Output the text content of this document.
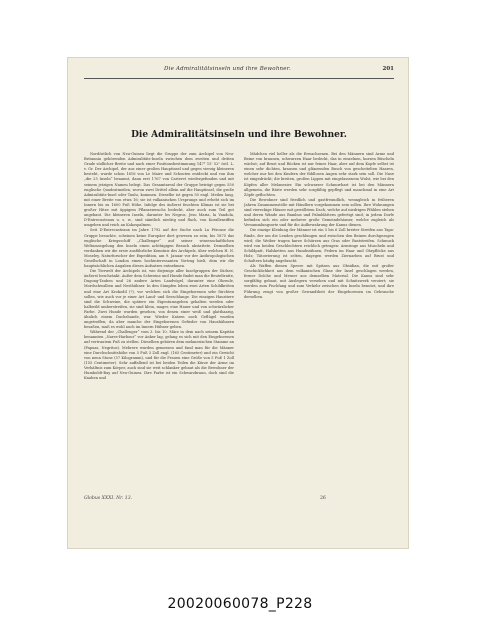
Die Admiralitätsinseln und ihre Bewohner.	201
Die Admiralitätsinseln und ihre Bewohner.

Nordöstlich von Neu-Guinea liegt die Gruppe der zum Archipel von Neu-Britannia gehörenden Admiralitäts-Inseln zwischen dem zweiten und dritten Grade südlicher Breite und nach einer Positionsbestimmung 147° 15' 52" östl. L. v. Gr. Der Archipel, der aus einer großen Hauptinsel und gegen vierzig kleineren besteht, wurde schon 1616 von Le Maire und Schouten entdeckt und von ihm „die 25 Inseln“ benannt, dann erst 1767 von Carteret wiedergefunden und mit seinem jetzigen Namen belegt. Das Gesamtareal der Gruppe beträgt gegen 550 englische Quadratmeilen, wovon zwei Drittel allein auf die Hauptinsel, die große Admiralitäts-Insel oder Taulu, kommen. Dieselbe ist gegen 50 engl. Meilen lang, mit einer Breite von etwa 16; sie ist vulkanischen Ursprungs und erhebt sich im Innern bis zu 1600 Fuß Höhe. Infolge des äußerst feuchten Klimas ist sie bei großer Hitze mit üppigem Pflanzenwuchs bedeckt, aber auch zum Teil gut angebaut. Die kleineren Inseln, darunter les Negros, Jesu Maria, la Vandola, D'Entrecasteaux u. s. w., sind sämtlich niedrig und flach, von Korallenriffen umgeben und reich an Kokospalmen.

Seit D'Entrecasteaux im Jahre 1792 auf der Suche nach La Pérouse die Gruppe besuchte, scheinen keine Europäer dort gewesen zu sein, bis 1875 das englische Kriegsschiff „Challenger“ auf seiner wissenschaftlichen Weltumsegelung den Inseln einen achttägigen Besuch abstattete. Demselben verdanken wir die erste ausführliche Kenntnis des Archipels, über welchen H. N. Moseley, Naturforscher der Expedition, am 9. Januar vor der Anthropologischen Gesellschaft in London einen hochinteressanten Vortrag hielt, dem wir die hauptsächlichen Angaben dieses Aufsatzes entnehmen.

Die Tierwelt der Archipels ist, wie diejenige aller Inselgruppen der Südsee, äußerst beschränkt. Außer dem Schweine und Hunde findet man die Beuteltratte, Dugong-Tauben und 26 andere Arten Landvögel, darunter eine Ohreule, Mordschwalben und Nesthühner. In den Sümpfen leben zwei Arten Schildkröten und eine Art Krokodil (?), vor welchen sich die Eingeborenen sehr fürchten sollen, wie auch vor je einer Art Land- und Seeschlange. Die einzigen Haustiere sind die Schweine, die spätere ein Eigentumsgeben gehalten werden oder halbwild umherstreifen, sie sind klein, mager, eine Hauer und von schwärzlicher Farbe. Zwei Hunde wurden gesehen, von denen einer weiß und glatthaarig, ähnlich einem Dachshunde, war. Wieder Katzen noch Geflügel wurden angetroffen; da aber manche der Eingeborenen Gefieder von Haushühnern besaßen, muß es wohl auch im Innern Hühner geben.

Während der „Challenger“ vom 3. bis 10. März in dem nach seinem Kapitän benannten „Nares-Harbour“ vor Anker lag, gelang es sich mit den Eingeborenen auf vertrautem Fuß zu stellen. Dieselben gehören dem melanesischen Stamme an (Papuas, Negritos). Mehrere wurden gemessen und fand man für die Männer eine Durchschnittshöhe von 5 Fuß 3 Zoll engl. (165 Centimeter) und ein Gewicht von neun Stone (57 Kilogramm), und für die Frauen eine Größe von 5 Fuß 1 Zoll (155 Centimeter). Sehr auffallend ist bei beiden Teilen die Kürze der Arme im Verhältnis zum Körper, auch sind sie weit schlanker gebaut als die Bewohner der Humboldt-Bay auf Neu-Guinea. Ihre Farbe ist ein Schwarzbraun, doch sind die Knaben und

Mädchen viel heller als die Erwachsenen. Bei den Männern sind Arme und Beine von braunen, schwarzen Haar bedeckt, das in einzelnen, kurzen Büscheln wächst; auf Brust und Rücken ist nur feines Haar, aber auf dem Kopfe selbst ist einen sehr dichten, krausen und glänzenden Busch von gescheitelten Haaren, welcher nur bei den Kindern der fühllosen Augen sehr stark sein soll. Die Nase ist eingedrückt; die breiten, großen Lippen mit eingelassenem Wulst, wie bei den Köpfen aller Melanesier. Ein schwarzer Schnurrbart ist bei den Männern allgemein, die Bärte werden sehr sorgfältig gepflegt und manchmal in eine Art Zöpfe geflochten.

Die Bewohner sind friedlich und gastfreundlich, wenngleich in früheren Jahren Zusammenstöße mit Händlern vorgekommen sein sollen. Ihre Wohnungen sind viereckige Häuser mit gewölbtem Dach, welche auf niedrigen Pfählen stehen und deren Wände aus Bambus und Palmblättern gefertigt sind; in jedem Dorfe befinden sich ein oder mehrere große Gemeindehäuser, welche zugleich als Versammlungsorte und für die Aufbewahrung der Kanus dienen.

Die einzige Kleidung der Männer ist ein 5 bis 6 Zoll breiter Streifen aus Tapa-Rinde, der um die Lenden geschlungen und zwischen den Beinen durchgezogen wird; die Weiber tragen kurze Schürzen aus Gras oder Baststreifen. Schmuck wird von beiden Geschlechtern reichlich getragen: Armringe aus Muscheln und Schildpatt, Halsketten aus Hundezähnen, Federn im Haar und Ohrpflöcke aus Holz; Tätowierung ist selten, dagegen werden Ziernarben auf Brust und Schultern häufig angebracht.

Als Waffen dienen Speere mit Spitzen aus Obsidian, die mit großer Geschicklichkeit aus dem vulkanischen Glase der Insel geschlagen werden, ferner Dolche und Messer aus demselben Material. Die Kanus sind sehr sorgfältig gebaut, mit Auslegern versehen und mit Schnitzwerk verziert; sie werden zum Fischfang und zum Verkehr zwischen den Inseln benutzt, und ihre Führung zeugt von großer Gewandtheit der Eingeborenen im Gebrauche derselben.

Globus XXXI. Nr. 13.	26
20020060078_P228
